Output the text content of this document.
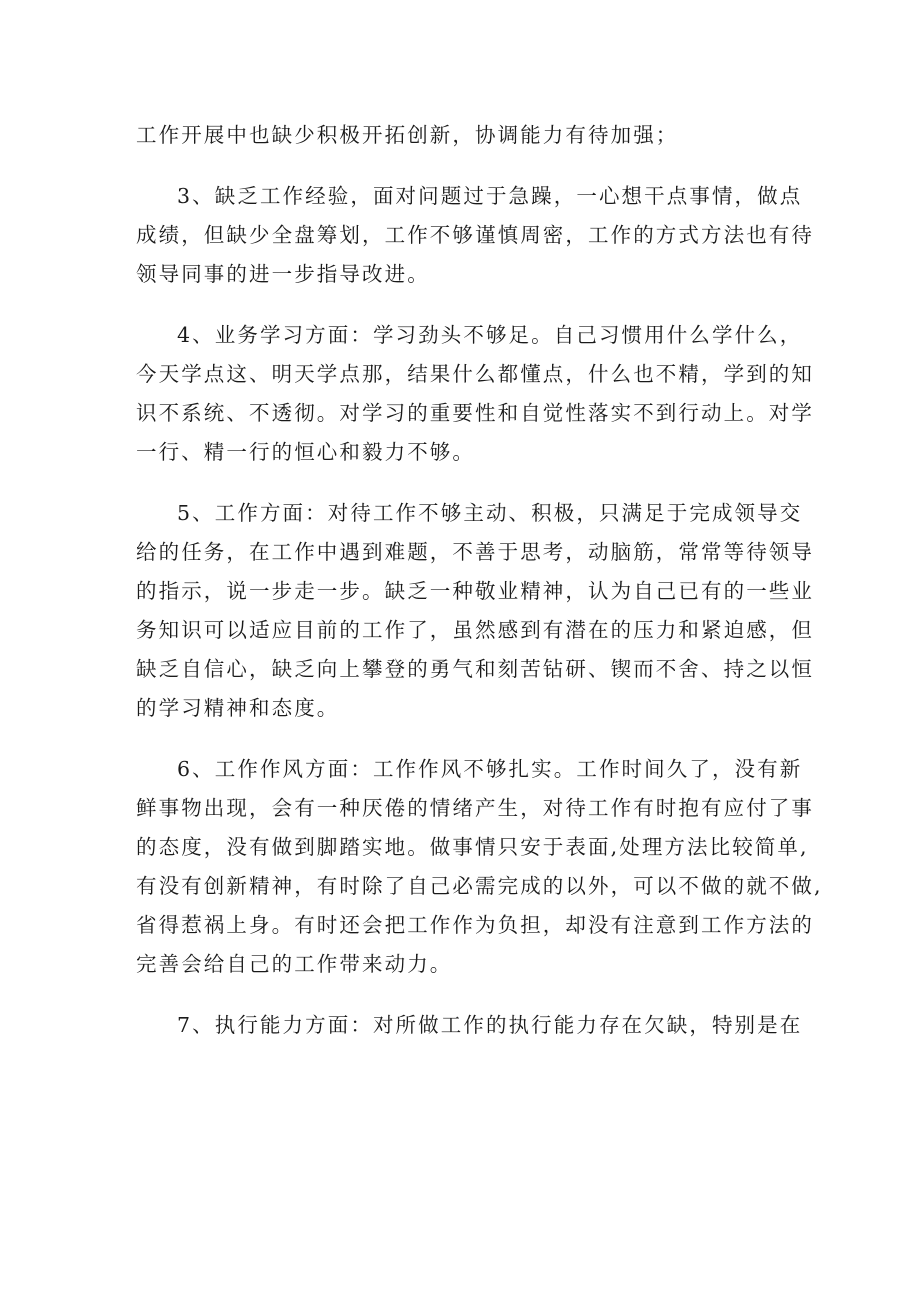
工作开展中也缺少积极开拓创新，协调能力有待加强；

3、缺乏工作经验，面对问题过于急躁，一心想干点事情，做点
成绩，但缺少全盘筹划，工作不够谨慎周密，工作的方式方法也有待
领导同事的进一步指导改进。

4、业务学习方面：学习劲头不够足。自己习惯用什么学什么，
今天学点这、明天学点那，结果什么都懂点，什么也不精，学到的知
识不系统、不透彻。对学习的重要性和自觉性落实不到行动上。对学
一行、精一行的恒心和毅力不够。

5、工作方面：对待工作不够主动、积极，只满足于完成领导交
给的任务，在工作中遇到难题，不善于思考，动脑筋，常常等待领导
的指示，说一步走一步。缺乏一种敬业精神，认为自己已有的一些业
务知识可以适应目前的工作了，虽然感到有潜在的压力和紧迫感，但
缺乏自信心，缺乏向上攀登的勇气和刻苦钻研、锲而不舍、持之以恒
的学习精神和态度。

6、工作作风方面：工作作风不够扎实。工作时间久了，没有新
鲜事物出现，会有一种厌倦的情绪产生，对待工作有时抱有应付了事
的态度，没有做到脚踏实地。做事情只安于表面,处理方法比较简单,
有没有创新精神，有时除了自己必需完成的以外，可以不做的就不做,
省得惹祸上身。有时还会把工作作为负担，却没有注意到工作方法的
完善会给自己的工作带来动力。

7、执行能力方面：对所做工作的执行能力存在欠缺，特别是在
